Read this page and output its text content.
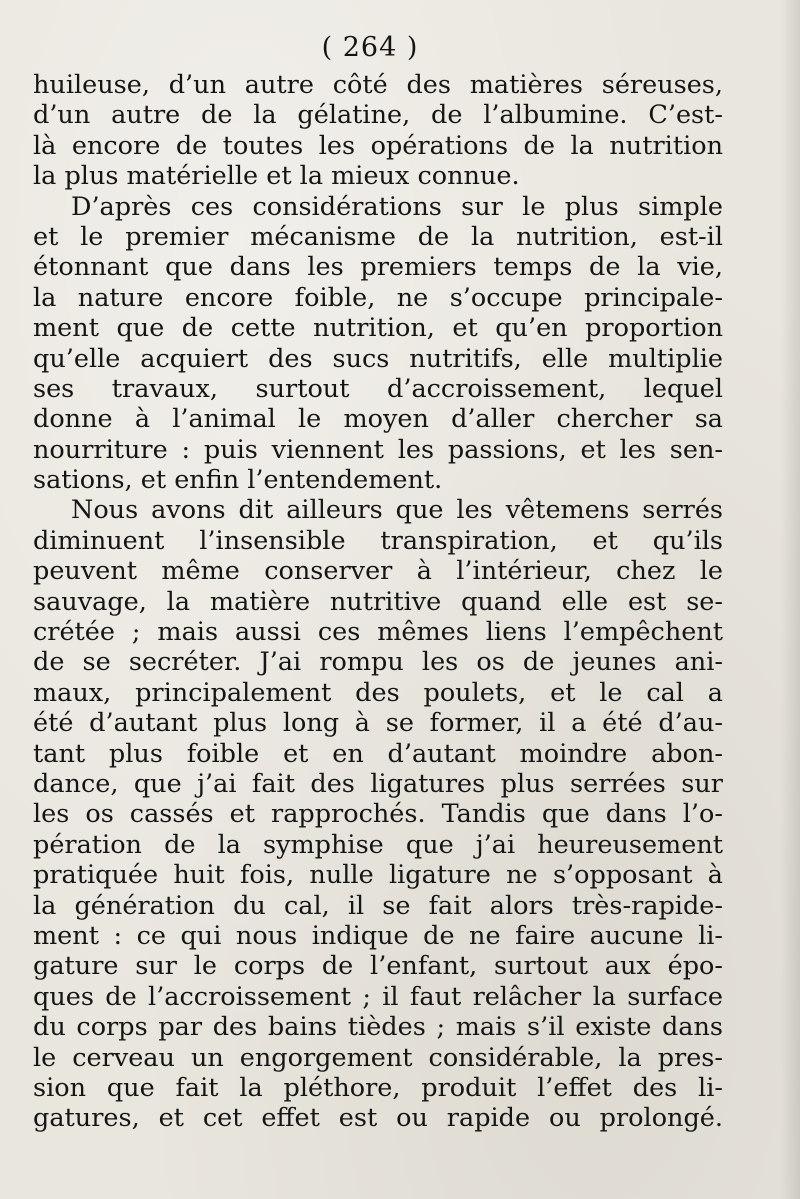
( 264 )
huileuse, d’un autre côté des matières séreuses,
d’un autre de la gélatine, de l’albumine. C’est-
là encore de toutes les opérations de la nutrition
la plus matérielle et la mieux connue.
D’après ces considérations sur le plus simple
et le premier mécanisme de la nutrition, est-il
étonnant que dans les premiers temps de la vie,
la nature encore foible, ne s’occupe principale-
ment que de cette nutrition, et qu’en proportion
qu’elle acquiert des sucs nutritifs, elle multiplie
ses travaux, surtout d’accroissement, lequel
donne à l’animal le moyen d’aller chercher sa
nourriture : puis viennent les passions, et les sen-
sations, et enfin l’entendement.
Nous avons dit ailleurs que les vêtemens serrés
diminuent l’insensible transpiration, et qu’ils
peuvent même conserver à l’intérieur, chez le
sauvage, la matière nutritive quand elle est se-
crétée ; mais aussi ces mêmes liens l’empêchent
de se secréter. J’ai rompu les os de jeunes ani-
maux, principalement des poulets, et le cal a
été d’autant plus long à se former, il a été d’au-
tant plus foible et en d’autant moindre abon-
dance, que j’ai fait des ligatures plus serrées sur
les os cassés et rapprochés. Tandis que dans l’o-
pération de la symphise que j’ai heureusement
pratiquée huit fois, nulle ligature ne s’opposant à
la génération du cal, il se fait alors très-rapide-
ment : ce qui nous indique de ne faire aucune li-
gature sur le corps de l’enfant, surtout aux épo-
ques de l’accroissement ; il faut relâcher la surface
du corps par des bains tièdes ; mais s’il existe dans
le cerveau un engorgement considérable, la pres-
sion que fait la pléthore, produit l’effet des li-
gatures, et cet effet est ou rapide ou prolongé.
